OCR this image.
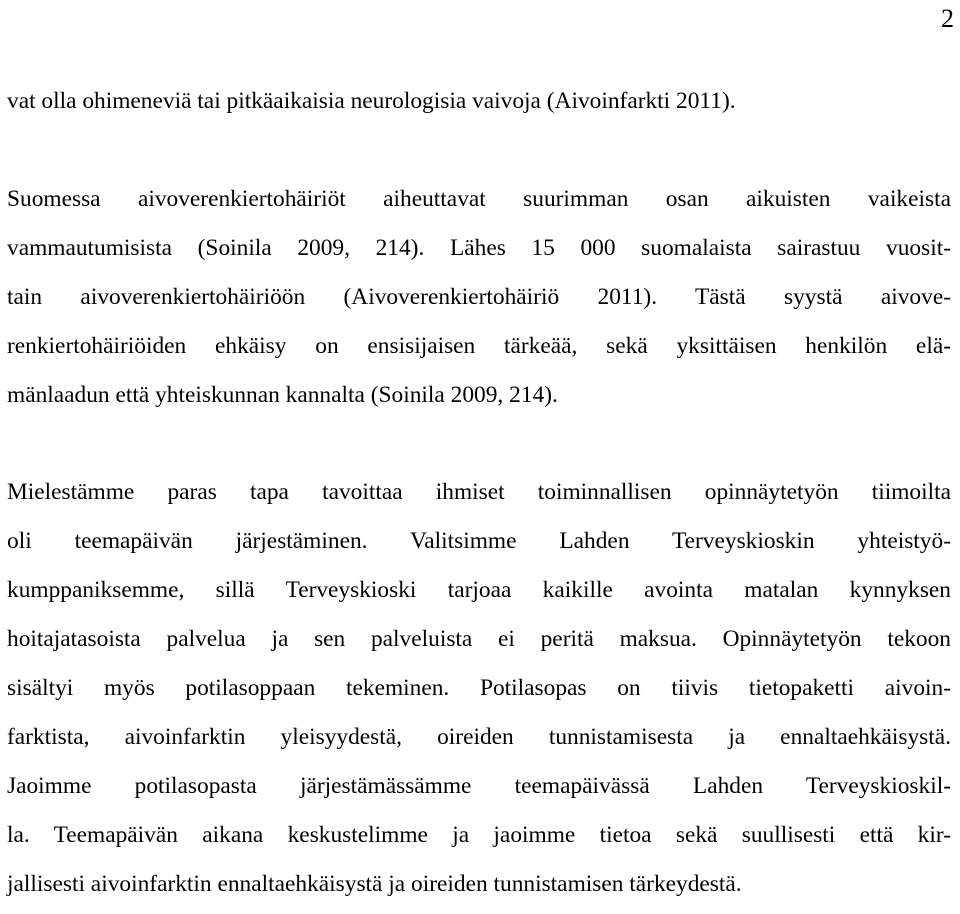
2
vat olla ohimeneviä tai pitkäaikaisia neurologisia vaivoja (Aivoinfarkti 2011).
Suomessa aivoverenkiertohäiriöt aiheuttavat suurimman osan aikuisten vaikeista
vammautumisista (Soinila 2009, 214). Lähes 15 000 suomalaista sairastuu vuosit-
tain aivoverenkiertohäiriöön (Aivoverenkiertohäiriö 2011). Tästä syystä aivove-
renkiertohäiriöiden ehkäisy on ensisijaisen tärkeää, sekä yksittäisen henkilön elä-
mänlaadun että yhteiskunnan kannalta (Soinila 2009, 214).
Mielestämme paras tapa tavoittaa ihmiset toiminnallisen opinnäytetyön tiimoilta
oli teemapäivän järjestäminen. Valitsimme Lahden Terveyskioskin yhteistyö-
kumppaniksemme, sillä Terveyskioski tarjoaa kaikille avointa matalan kynnyksen
hoitajatasoista palvelua ja sen palveluista ei peritä maksua. Opinnäytetyön tekoon
sisältyi myös potilasoppaan tekeminen. Potilasopas on tiivis tietopaketti aivoin-
farktista, aivoinfarktin yleisyydestä, oireiden tunnistamisesta ja ennaltaehkäisystä.
Jaoimme potilasopasta järjestämässämme teemapäivässä Lahden Terveyskioskil-
la. Teemapäivän aikana keskustelimme ja jaoimme tietoa sekä suullisesti että kir-
jallisesti aivoinfarktin ennaltaehkäisystä ja oireiden tunnistamisen tärkeydestä.
